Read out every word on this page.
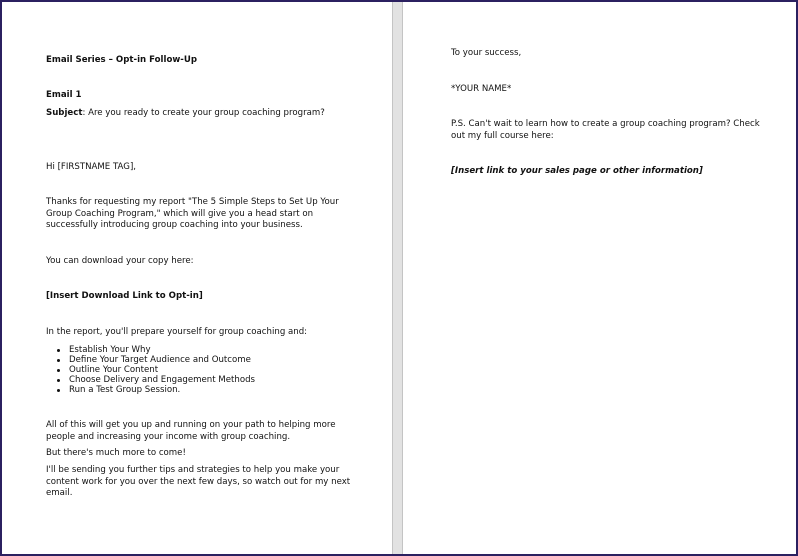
Email Series – Opt-in Follow-Up

Email 1

Subject: Are you ready to create your group coaching program?

Hi [FIRSTNAME TAG],

Thanks for requesting my report "The 5 Simple Steps to Set Up Your

Group Coaching Program," which will give you a head start on

successfully introducing group coaching into your business.

You can download your copy here:

[Insert Download Link to Opt-in]

In the report, you'll prepare yourself for group coaching and:

Establish Your Why
Define Your Target Audience and Outcome
Outline Your Content
Choose Delivery and Engagement Methods
Run a Test Group Session.

All of this will get you up and running on your path to helping more

people and increasing your income with group coaching.

But there's much more to come!

I'll be sending you further tips and strategies to help you make your

content work for you over the next few days, so watch out for my next

email.

To your success,

*YOUR NAME*

P.S. Can't wait to learn how to create a group coaching program? Check

out my full course here:

[Insert link to your sales page or other information]
